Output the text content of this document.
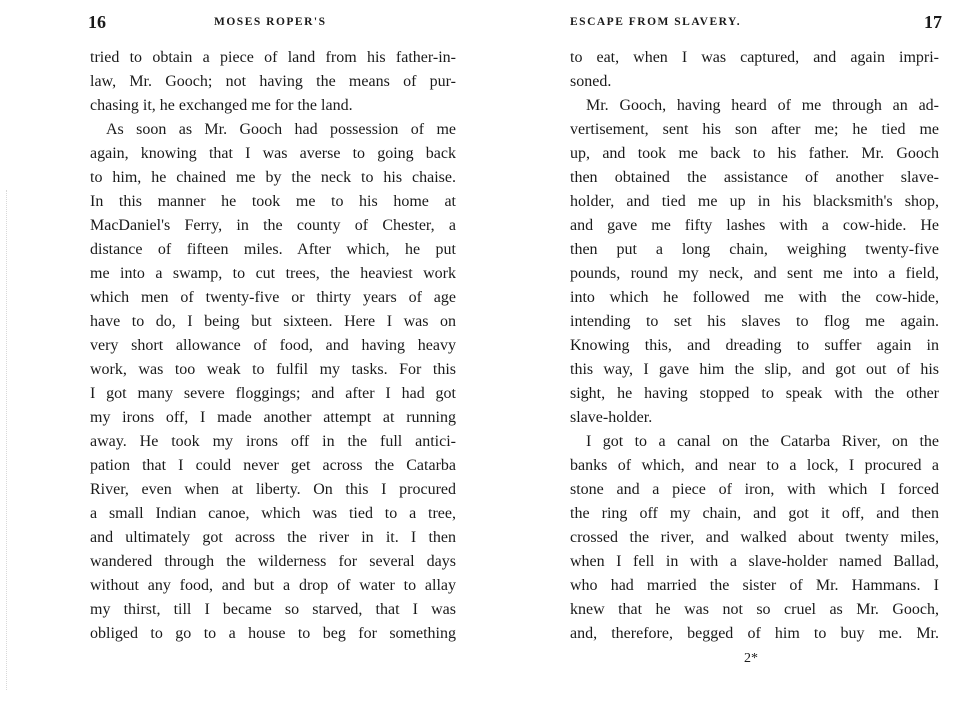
16	MOSES ROPER'S
tried to obtain a piece of land from his father-in-
law, Mr. Gooch; not having the means of pur-
chasing it, he exchanged me for the land.
As soon as Mr. Gooch had possession of me
again, knowing that I was averse to going back
to him, he chained me by the neck to his chaise.
In this manner he took me to his home at
MacDaniel's Ferry, in the county of Chester, a
distance of fifteen miles. After which, he put
me into a swamp, to cut trees, the heaviest work
which men of twenty-five or thirty years of age
have to do, I being but sixteen. Here I was on
very short allowance of food, and having heavy
work, was too weak to fulfil my tasks. For this
I got many severe floggings; and after I had got
my irons off, I made another attempt at running
away. He took my irons off in the full antici-
pation that I could never get across the Catarba
River, even when at liberty. On this I procured
a small Indian canoe, which was tied to a tree,
and ultimately got across the river in it. I then
wandered through the wilderness for several days
without any food, and but a drop of water to allay
my thirst, till I became so starved, that I was
obliged to go to a house to beg for something
ESCAPE FROM SLAVERY.	17
to eat, when I was captured, and again impri-
soned.
Mr. Gooch, having heard of me through an ad-
vertisement, sent his son after me; he tied me
up, and took me back to his father. Mr. Gooch
then obtained the assistance of another slave-
holder, and tied me up in his blacksmith's shop,
and gave me fifty lashes with a cow-hide. He
then put a long chain, weighing twenty-five
pounds, round my neck, and sent me into a field,
into which he followed me with the cow-hide,
intending to set his slaves to flog me again.
Knowing this, and dreading to suffer again in
this way, I gave him the slip, and got out of his
sight, he having stopped to speak with the other
slave-holder.
I got to a canal on the Catarba River, on the
banks of which, and near to a lock, I procured a
stone and a piece of iron, with which I forced
the ring off my chain, and got it off, and then
crossed the river, and walked about twenty miles,
when I fell in with a slave-holder named Ballad,
who had married the sister of Mr. Hammans. I
knew that he was not so cruel as Mr. Gooch,
and, therefore, begged of him to buy me. Mr.
2*
